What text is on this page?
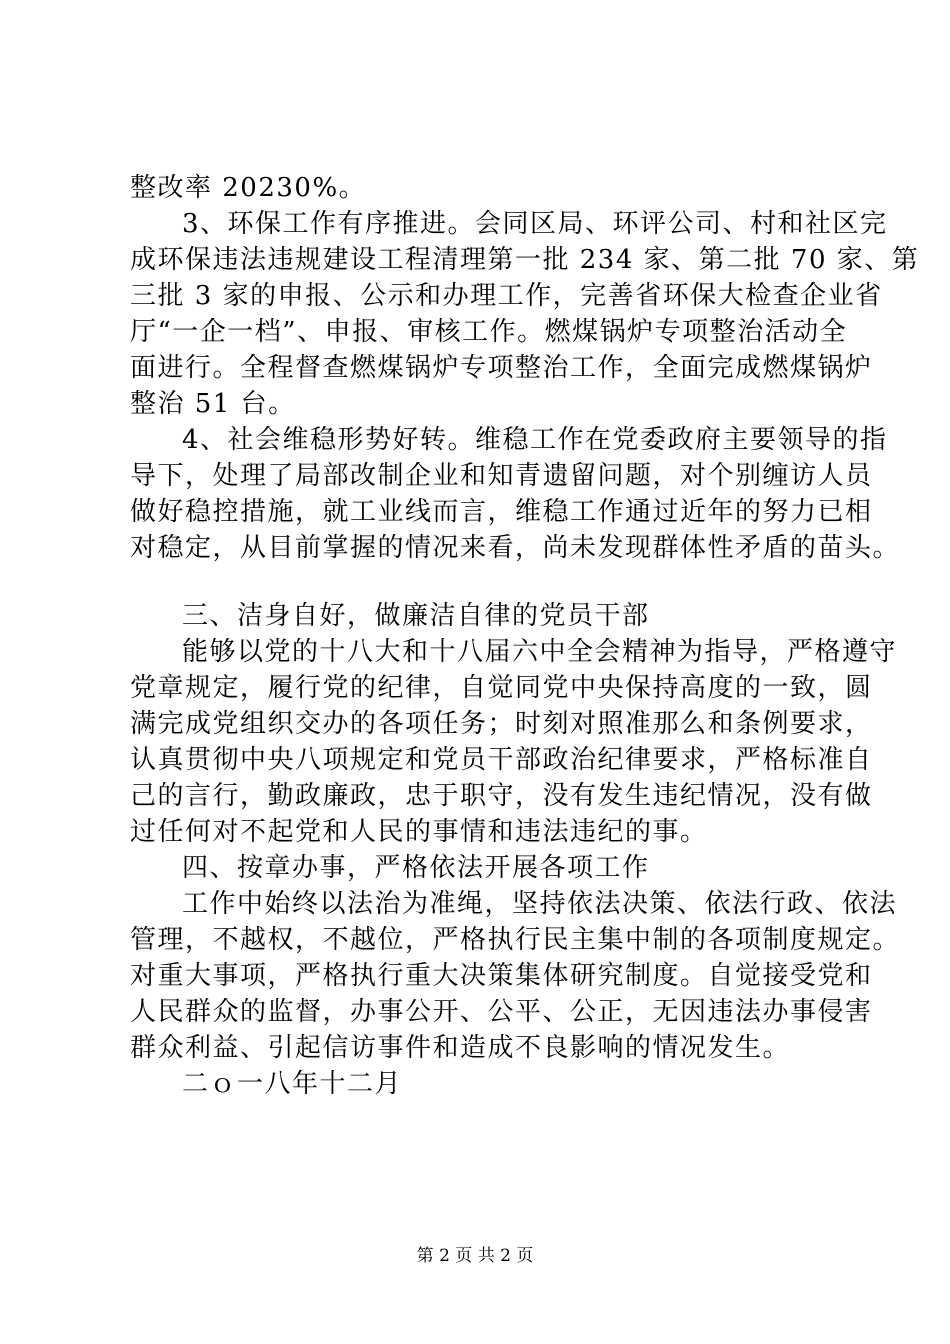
整改率 20230%。
3、环保工作有序推进。会同区局、环评公司、村和社区完
成环保违法违规建设工程清理第一批 234 家、第二批 70 家、第
三批 3 家的申报、公示和办理工作，完善省环保大检查企业省
厅“一企一档”、申报、审核工作。燃煤锅炉专项整治活动全
面进行。全程督查燃煤锅炉专项整治工作，全面完成燃煤锅炉
整治 51 台。
4、社会维稳形势好转。维稳工作在党委政府主要领导的指
导下，处理了局部改制企业和知青遗留问题，对个别缠访人员
做好稳控措施，就工业线而言，维稳工作通过近年的努力已相
对稳定，从目前掌握的情况来看，尚未发现群体性矛盾的苗头。
三、洁身自好，做廉洁自律的党员干部
能够以党的十八大和十八届六中全会精神为指导，严格遵守
党章规定，履行党的纪律，自觉同党中央保持高度的一致，圆
满完成党组织交办的各项任务；时刻对照准那么和条例要求，
认真贯彻中央八项规定和党员干部政治纪律要求，严格标准自
己的言行，勤政廉政，忠于职守，没有发生违纪情况，没有做
过任何对不起党和人民的事情和违法违纪的事。
四、按章办事，严格依法开展各项工作
工作中始终以法治为准绳，坚持依法决策、依法行政、依法
管理，不越权，不越位，严格执行民主集中制的各项制度规定。
对重大事项，严格执行重大决策集体研究制度。自觉接受党和
人民群众的监督，办事公开、公平、公正，无因违法办事侵害
群众利益、引起信访事件和造成不良影响的情况发生。
二ｏ一八年十二月
第 2 页 共 2 页
